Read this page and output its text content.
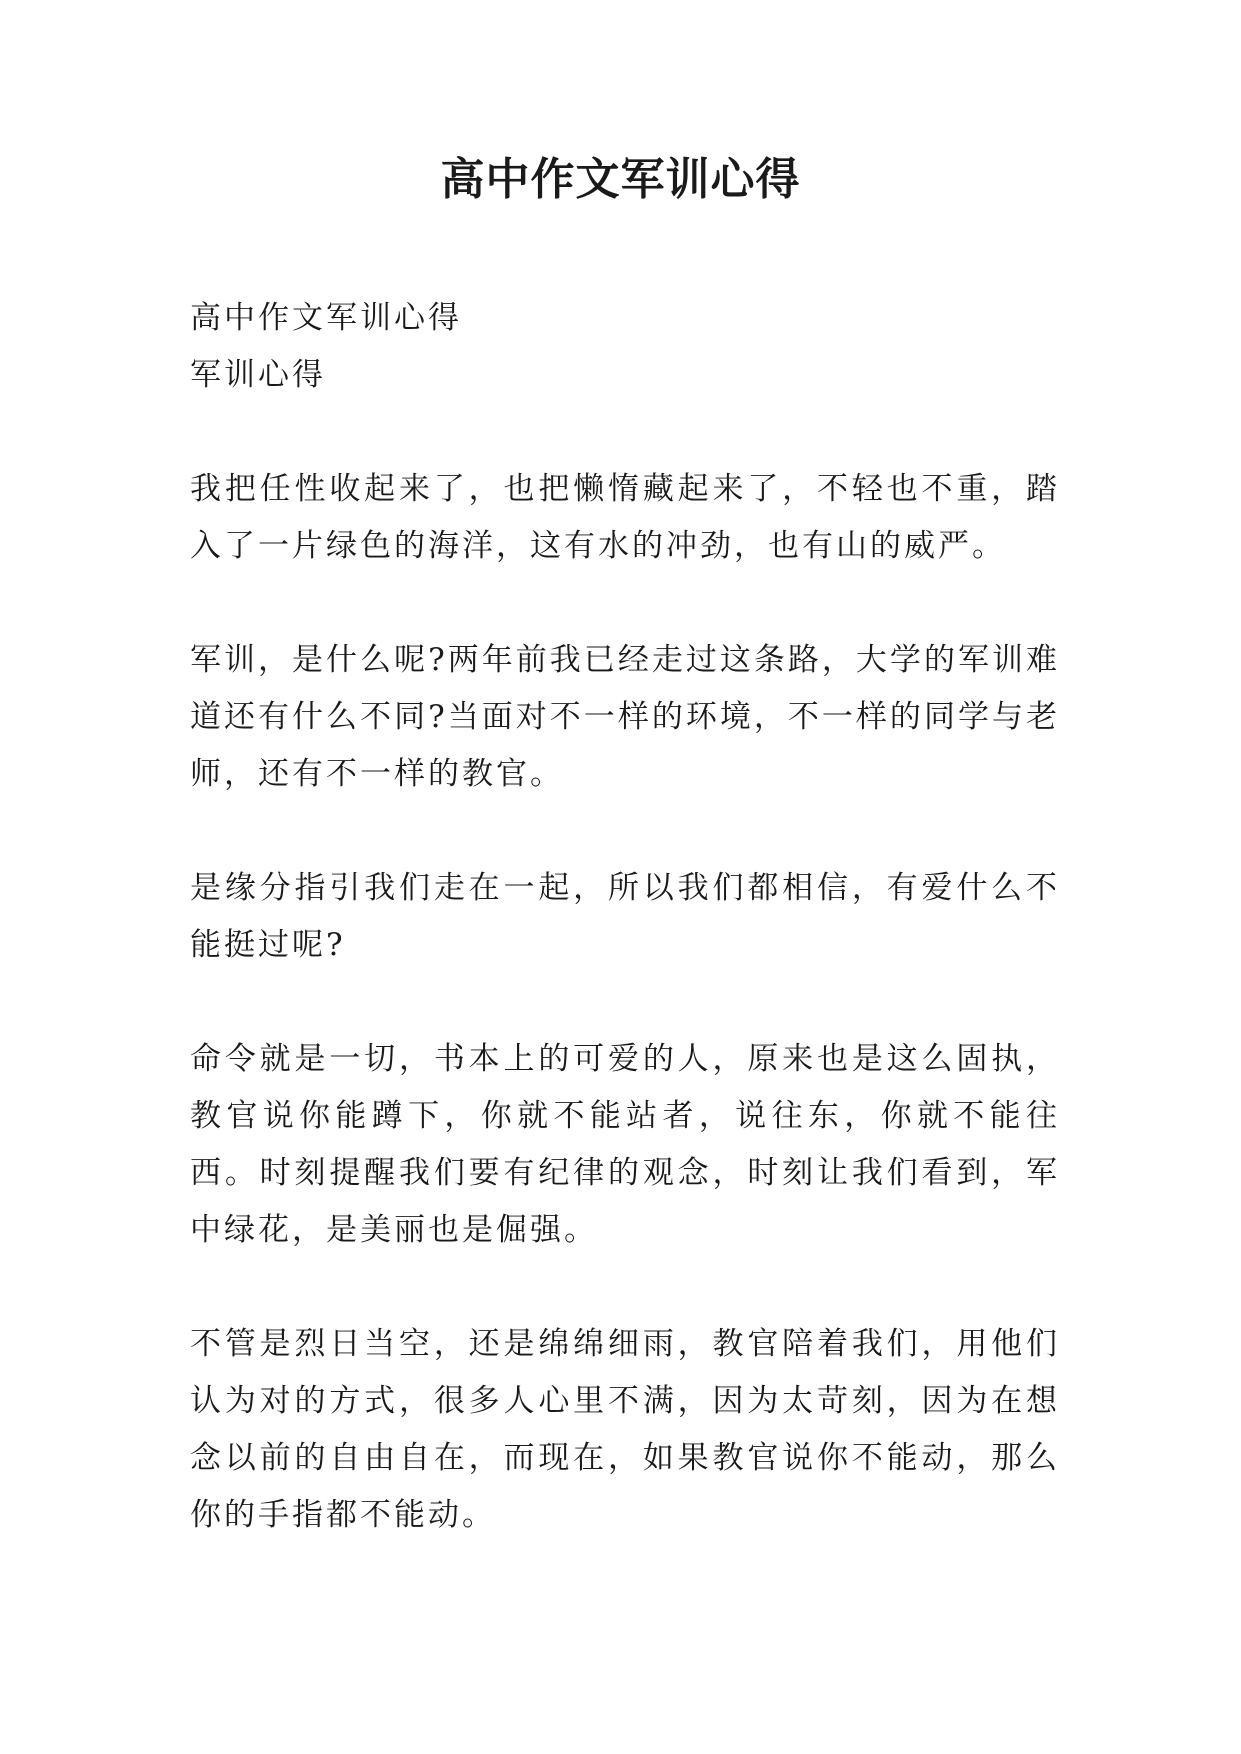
高中作文军训心得

高中作文军训心得

军训心得

我把任性收起来了，也把懒惰藏起来了，不轻也不重，踏入了一片绿色的海洋，这有水的冲劲，也有山的威严。

军训，是什么呢?两年前我已经走过这条路，大学的军训难道还有什么不同?当面对不一样的环境，不一样的同学与老师，还有不一样的教官。

是缘分指引我们走在一起，所以我们都相信，有爱什么不能挺过呢?

命令就是一切，书本上的可爱的人，原来也是这么固执，教官说你能蹲下，你就不能站者，说往东，你就不能往西。时刻提醒我们要有纪律的观念，时刻让我们看到，军中绿花，是美丽也是倔强。

不管是烈日当空，还是绵绵细雨，教官陪着我们，用他们认为对的方式，很多人心里不满，因为太苛刻，因为在想念以前的自由自在，而现在，如果教官说你不能动，那么你的手指都不能动。
